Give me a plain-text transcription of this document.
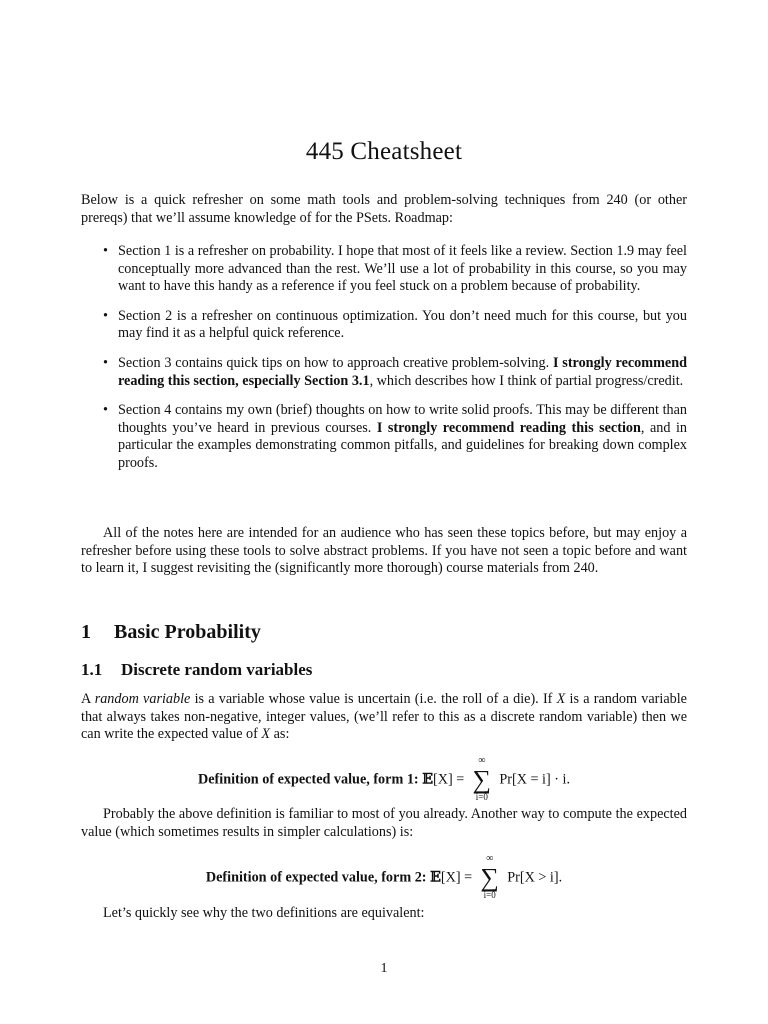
445 Cheatsheet
Below is a quick refresher on some math tools and problem-solving techniques from 240 (or other prereqs) that we’ll assume knowledge of for the PSets. Roadmap:
• Section 1 is a refresher on probability. I hope that most of it feels like a review. Section 1.9 may feel conceptually more advanced than the rest. We’ll use a lot of probability in this course, so you may want to have this handy as a reference if you feel stuck on a problem because of probability.
• Section 2 is a refresher on continuous optimization. You don’t need much for this course, but you may find it as a helpful quick reference.
• Section 3 contains quick tips on how to approach creative problem-solving. I strongly recommend reading this section, especially Section 3.1, which describes how I think of partial progress/credit.
• Section 4 contains my own (brief) thoughts on how to write solid proofs. This may be different than thoughts you’ve heard in previous courses. I strongly recommend reading this section, and in particular the examples demonstrating common pitfalls, and guidelines for breaking down complex proofs.
All of the notes here are intended for an audience who has seen these topics before, but may enjoy a refresher before using these tools to solve abstract problems. If you have not seen a topic before and want to learn it, I suggest revisiting the (significantly more thorough) course materials from 240.
1 Basic Probability
1.1 Discrete random variables
A random variable is a variable whose value is uncertain (i.e. the roll of a die). If X is a random variable that always takes non-negative, integer values, (we’ll refer to this as a discrete random variable) then we can write the expected value of X as:
Definition of expected value, form 1: 𝔼[X] =
∞
∑
i=0
Pr[X = i] · i.
Probably the above definition is familiar to most of you already. Another way to compute the expected value (which sometimes results in simpler calculations) is:
Definition of expected value, form 2: 𝔼[X] =
∞
∑
i=0
Pr[X > i].
Let’s quickly see why the two definitions are equivalent:
1
